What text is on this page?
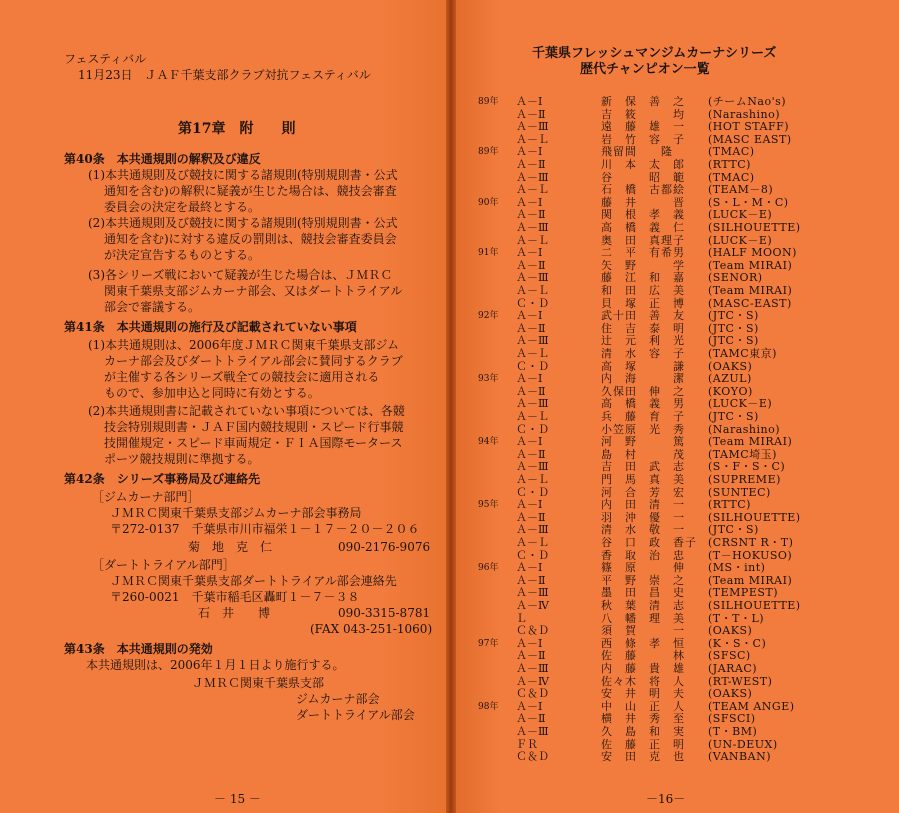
フェスティバル
11月23日　ＪＡＦ千葉支部クラブ対抗フェスティバル
第17章　附　　則
第40条　本共通規則の解釈及び違反
(1)本共通規則及び競技に関する諸規則(特別規則書・公式
通知を含む)の解釈に疑義が生じた場合は、競技会審査
委員会の決定を最終とする。
(2)本共通規則及び競技に関する諸規則(特別規則書・公式
通知を含む)に対する違反の罰則は、競技会審査委員会
が決定宣告するものとする。
(3)各シリーズ戦において疑義が生じた場合は、ＪＭＲＣ
関東千葉県支部ジムカーナ部会、又はダートトライアル
部会で審議する。
第41条　本共通規則の施行及び記載されていない事項
(1)本共通規則は、2006年度ＪＭＲＣ関東千葉県支部ジム
カーナ部会及びダートトライアル部会に賛同するクラブ
が主催する各シリーズ戦全ての競技会に適用される
もので、参加申込と同時に有効とする。
(2)本共通規則書に記載されていない事項については、各競
技会特別規則書・ＪＡＦ国内競技規則・スピード行事競
技開催規定・スピード車両規定・ＦＩＡ国際モータース
ポーツ競技規則に準拠する。
第42条　シリーズ事務局及び連絡先
［ジムカーナ部門］
ＪＭＲＣ関東千葉県支部ジムカーナ部会事務局
〒272-0137　千葉県市川市福栄１－１７－２０－２０６
菊　地　克　仁	090-2176-9076
［ダートトライアル部門］
ＪＭＲＣ関東千葉県支部ダートトライアル部会連絡先
〒260-0021　千葉市稲毛区轟町１－７－３８
石　井　　博	090-3315-8781
(FAX 043-251-1060)
第43条　本共通規則の発効
本共通規則は、2006年１月１日より施行する。
ＪＭＲＣ関東千葉県支部
ジムカーナ部会
ダートトライアル部会
－ 15 －
千葉県フレッシュマンジムカーナシリーズ
歴代チャンピオン一覧
89年 Ａ－Ⅰ	新　保　善　之 (チームNao's)
Ａ－Ⅱ	吉　筱　　　均 (Narashino)
Ａ－Ⅲ	遠　藤　雄　一 (HOT STAFF)
Ａ－Ｌ	岩　竹　容　子 (MASC EAST)
89年 Ａ－Ⅰ	飛留間　　隆	(TMAC)
Ａ－Ⅱ	川　本　太　郎 (RTTC)
Ａ－Ⅲ	谷　　　昭　範 (TMAC)
Ａ－Ｌ	石　橋　古都絵 (TEAM－8)
90年 Ａ－Ⅰ	藤　井　　　晋 (S・L・M・C)
Ａ－Ⅱ	関　根　孝　義 (LUCK－E)
Ａ－Ⅲ	高　橋　義　仁 (SILHOUETTE)
Ａ－Ｌ	奥　田　真理子 (LUCK－E)
91年 Ａ－Ⅰ	二　平　有希男 (HALF MOON)
Ａ－Ⅱ	矢　野　　　学 (Team MIRAI)
Ａ－Ⅲ	藤　江　和　嘉 (SENOR)
Ａ－Ｌ	和　田　広　美 (Team MIRAI)
Ｃ・Ｄ	貝　塚　正　博 (MASC-EAST)
92年 Ａ－Ⅰ	武十田　善　友 (JTC・S)
Ａ－Ⅱ	住　吉　泰　明 (JTC・S)
Ａ－Ⅲ	辻　元　利　光 (JTC・S)
Ａ－Ｌ	清　水　容　子 (TAMC東京)
Ｃ・Ｄ	高　塚　　　謙 (OAKS)
93年 Ａ－Ⅰ	内　海　　　潔 (AZUL)
Ａ－Ⅱ	久保田　伸　之 (KOYO)
Ａ－Ⅲ	高　橋　義　男 (LUCK－E)
Ａ－Ｌ	兵　藤　育　子 (JTC・S)
Ｃ・Ｄ	小笠原　光　秀 (Narashino)
94年 Ａ－Ⅰ	河　野　　　篤 (Team MIRAI)
Ａ－Ⅱ	島　村　　　茂 (TAMC埼玉)
Ａ－Ⅲ	吉　田　武　志 (S・F・S・C)
Ａ－Ｌ	門　馬　真　美 (SUPREME)
Ｃ・Ｄ	河　合　芳　宏 (SUNTEC)
95年 Ａ－Ⅰ	内　田　清　一 (RTTC)
Ａ－Ⅱ	羽　沖　優　一 (SILHOUETTE)
Ａ－Ⅲ	清　水　敬　一 (JTC・S)
Ａ－Ｌ	谷　口　政　香子 (CRSNT R・T)
Ｃ・Ｄ	香　取　治　忠 (T－HOKUSO)
96年 Ａ－Ⅰ	篠　原　　　伸 (MS・int)
Ａ－Ⅱ	平　野　崇　之 (Team MIRAI)
Ａ－Ⅲ	墨　田　昌　史 (TEMPEST)
Ａ－Ⅳ	秋　葉　清　志 (SILHOUETTE)
Ｌ	八　幡　理　美 (T・T・L)
Ｃ＆Ｄ	須　賀　　　一 (OAKS)
97年 Ａ－Ⅰ	西　條　孝　恒 (K・S・C)
Ａ－Ⅱ	佐　藤　　　林 (SFSC)
Ａ－Ⅲ	内　藤　貴　雄 (JARAC)
Ａ－Ⅳ	佐々木　将　人 (RT-WEST)
Ｃ＆Ｄ	安　井　明　夫 (OAKS)
98年 Ａ－Ⅰ	中　山　正　人 (TEAM ANGE)
Ａ－Ⅱ	横　井　秀　至 (SFSCI)
Ａ－Ⅲ	久　島　和　実 (T・BM)
ＦＲ	佐　藤　正　明 (UN-DEUX)
Ｃ＆Ｄ	安　田　克　也 (VANBAN)
－16－
